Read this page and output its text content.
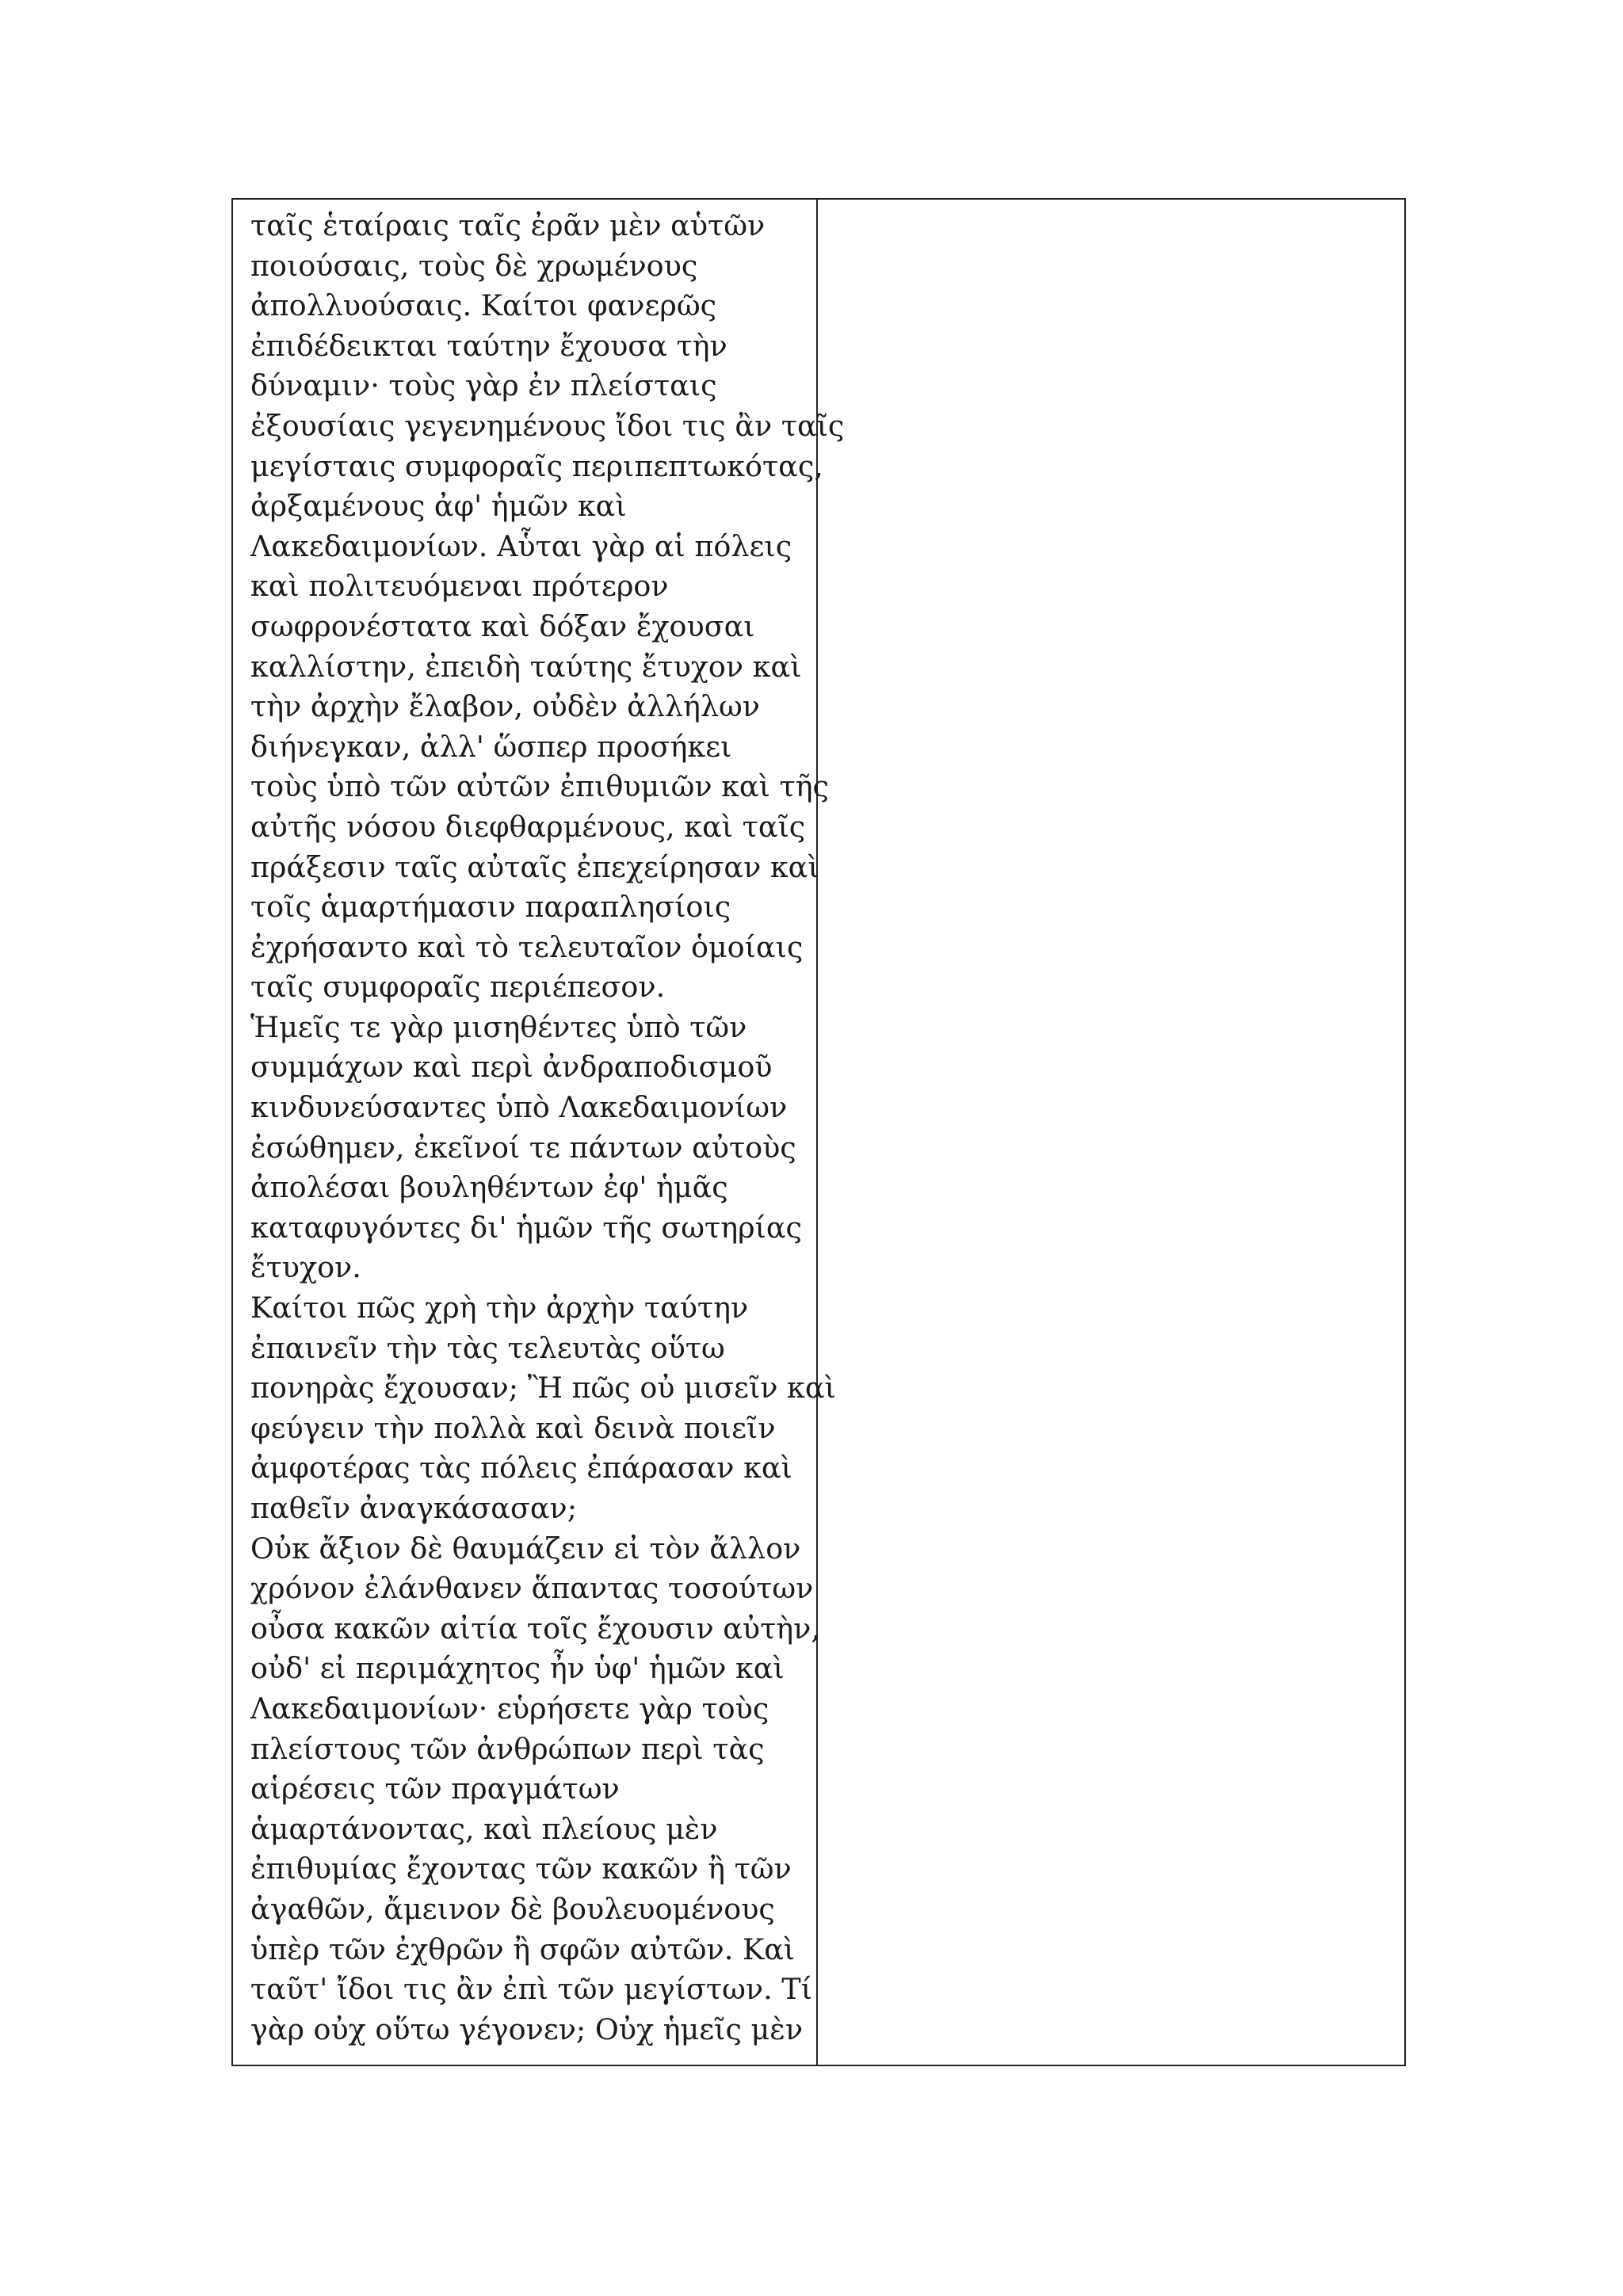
ταῖς ἑταίραις ταῖς ἐρᾶν μὲν αὑτῶν
ποιούσαις, τοὺς δὲ χρωμένους
ἀπολλυούσαις. Καίτοι φανερῶς
ἐπιδέδεικται ταύτην ἔχουσα τὴν
δύναμιν· τοὺς γὰρ ἐν πλείσταις
ἐξουσίαις γεγενημένους ἴδοι τις ἂν ταῖς
μεγίσταις συμφοραῖς περιπεπτωκότας,
ἀρξαμένους ἀφ' ἡμῶν καὶ
Λακεδαιμονίων. Αὗται γὰρ αἱ πόλεις
καὶ πολιτευόμεναι πρότερον
σωφρονέστατα καὶ δόξαν ἔχουσαι
καλλίστην, ἐπειδὴ ταύτης ἔτυχον καὶ
τὴν ἀρχὴν ἔλαβον, οὐδὲν ἀλλήλων
διήνεγκαν, ἀλλ' ὥσπερ προσήκει
τοὺς ὑπὸ τῶν αὐτῶν ἐπιθυμιῶν καὶ τῆς
αὐτῆς νόσου διεφθαρμένους, καὶ ταῖς
πράξεσιν ταῖς αὐταῖς ἐπεχείρησαν καὶ
τοῖς ἁμαρτήμασιν παραπλησίοις
ἐχρήσαντο καὶ τὸ τελευταῖον ὁμοίαις
ταῖς συμφοραῖς περιέπεσον.
Ἡμεῖς τε γὰρ μισηθέντες ὑπὸ τῶν
συμμάχων καὶ περὶ ἀνδραποδισμοῦ
κινδυνεύσαντες ὑπὸ Λακεδαιμονίων
ἐσώθημεν, ἐκεῖνοί τε πάντων αὐτοὺς
ἀπολέσαι βουληθέντων ἐφ' ἡμᾶς
καταφυγόντες δι' ἡμῶν τῆς σωτηρίας
ἔτυχον.
Καίτοι πῶς χρὴ τὴν ἀρχὴν ταύτην
ἐπαινεῖν τὴν τὰς τελευτὰς οὕτω
πονηρὰς ἔχουσαν; Ἢ πῶς οὐ μισεῖν καὶ
φεύγειν τὴν πολλὰ καὶ δεινὰ ποιεῖν
ἀμφοτέρας τὰς πόλεις ἐπάρασαν καὶ
παθεῖν ἀναγκάσασαν;
Οὐκ ἄξιον δὲ θαυμάζειν εἰ τὸν ἄλλον
χρόνον ἐλάνθανεν ἅπαντας τοσούτων
οὖσα κακῶν αἰτία τοῖς ἔχουσιν αὐτὴν,
οὐδ' εἰ περιμάχητος ἦν ὑφ' ἡμῶν καὶ
Λακεδαιμονίων· εὑρήσετε γὰρ τοὺς
πλείστους τῶν ἀνθρώπων περὶ τὰς
αἱρέσεις τῶν πραγμάτων
ἁμαρτάνοντας, καὶ πλείους μὲν
ἐπιθυμίας ἔχοντας τῶν κακῶν ἢ τῶν
ἀγαθῶν, ἄμεινον δὲ βουλευομένους
ὑπὲρ τῶν ἐχθρῶν ἢ σφῶν αὐτῶν. Καὶ
ταῦτ' ἴδοι τις ἂν ἐπὶ τῶν μεγίστων. Τί
γὰρ οὐχ οὕτω γέγονεν; Οὐχ ἡμεῖς μὲν
